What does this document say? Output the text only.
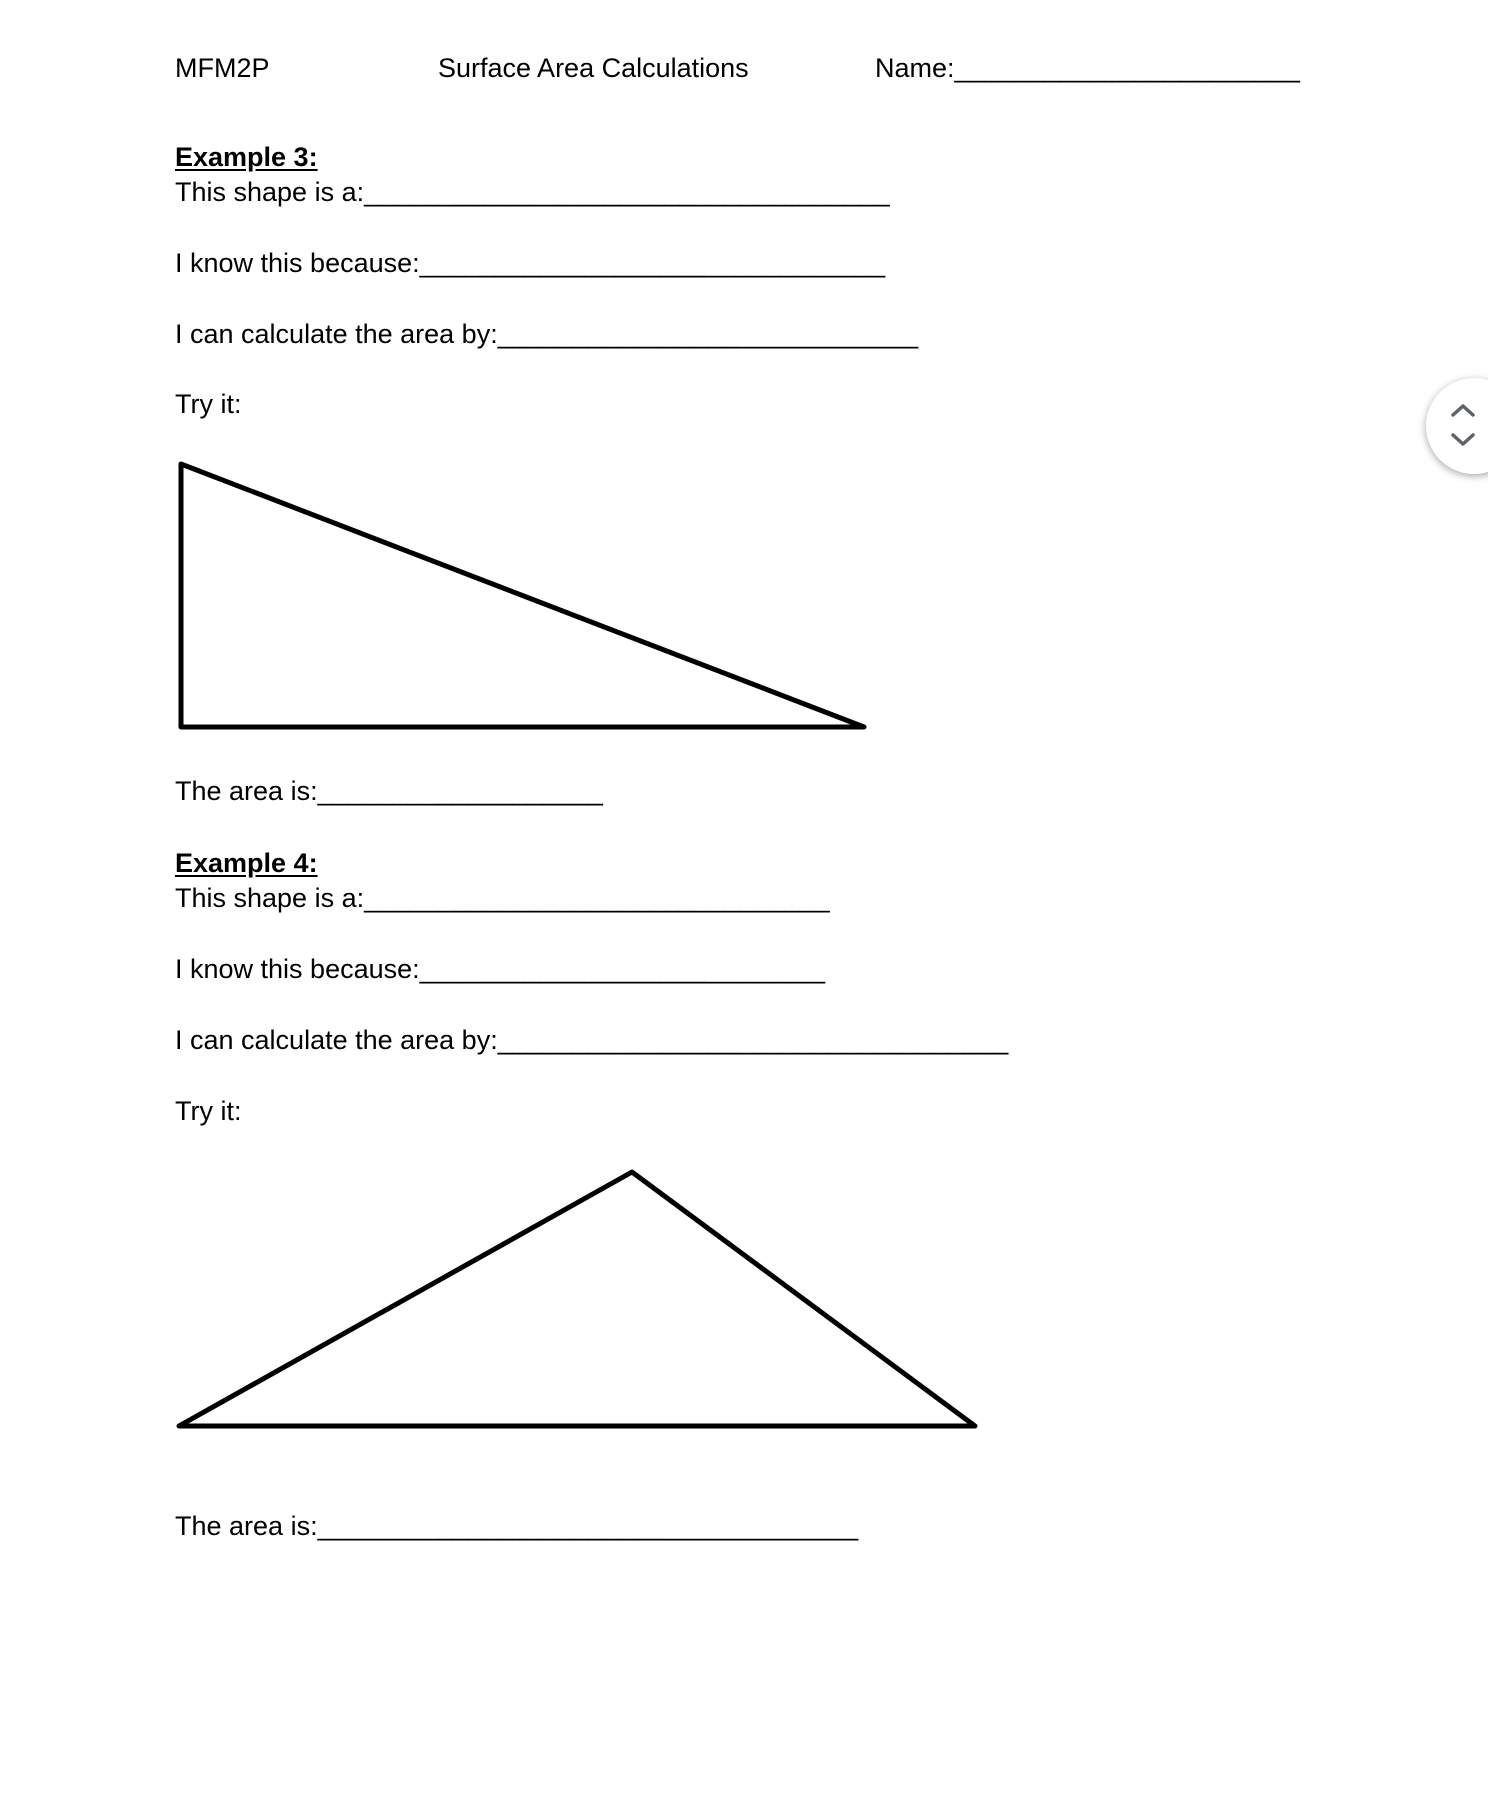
MFM2P	Surface Area Calculations	Name:_______________________

Example 3:

This shape is a:___________________________________

I know this because:_______________________________

I can calculate the area by:____________________________

Try it:

The area is:___________________

Example 4:

This shape is a:_______________________________

I know this because:___________________________

I can calculate the area by:__________________________________

Try it:

The area is:____________________________________
